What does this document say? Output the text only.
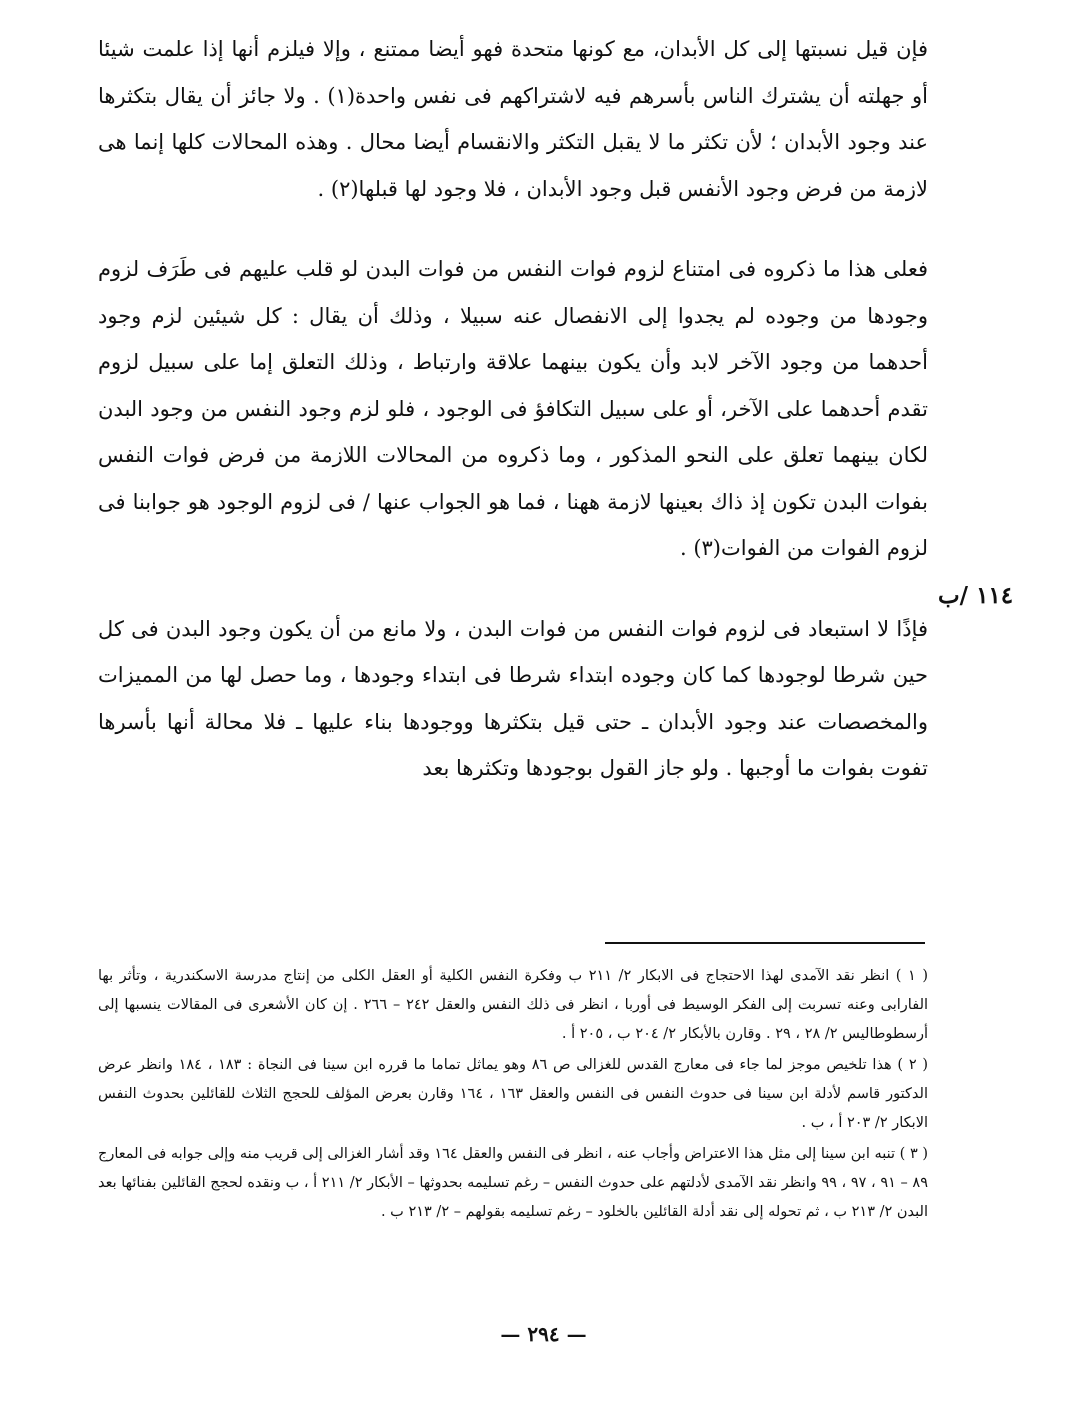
فإن قيل نسبتها إلى كل الأبدان، مع كونها متحدة فهو أيضا ممتنع ، وإلا فيلزم أنها إذا علمت شيئا أو جهلته أن يشترك الناس بأسرهم فيه لاشتراكهم فى نفس واحدة(١) . ولا جائز أن يقال بتكثرها عند وجود الأبدان ؛ لأن تكثر ما لا يقبل التكثر والانقسام أيضا محال . وهذه المحالات كلها إنما هى لازمة من فرض وجود الأنفس قبل وجود الأبدان ، فلا وجود لها قبلها(٢) .

فعلى هذا ما ذكروه فى امتناع لزوم فوات النفس من فوات البدن لو قلب عليهم فى طَرَف لزوم وجودها من وجوده لم يجدوا إلى الانفصال عنه سبيلا ، وذلك أن يقال : كل شيئين لزم وجود أحدهما من وجود الآخر لابد وأن يكون بينهما علاقة وارتباط ، وذلك التعلق إما على سبيل لزوم تقدم أحدهما على الآخر، أو على سبيل التكافؤ فى الوجود ، فلو لزم وجود النفس من وجود البدن لكان بينهما تعلق على النحو المذكور ، وما ذكروه من المحالات اللازمة من فرض فوات النفس بفوات البدن تكون إذ ذاك بعينها لازمة ههنا ، فما هو الجواب عنها / فى لزوم الوجود هو جوابنا فى لزوم الفوات من الفوات(٣) .

فإذًا لا استبعاد فى لزوم فوات النفس من فوات البدن ، ولا مانع من أن يكون وجود البدن فى كل حين شرطا لوجودها كما كان وجوده ابتداء شرطا فى ابتداء وجودها ، وما حصل لها من المميزات والمخصصات عند وجود الأبدان ـ حتى قيل بتكثرها ووجودها بناء عليها ـ فلا محالة أنها بأسرها تفوت بفوات ما أوجبها . ولو جاز القول بوجودها وتكثرها بعد

١١٤ /ب

( ١ ) انظر نقد الآمدى لهذا الاحتجاج فى الابكار ٢/ ٢١١ ب وفكرة النفس الكلية أو العقل الكلى من إنتاج مدرسة الاسكندرية ، وتأثر بها الفارابى وعنه تسربت إلى الفكر الوسيط فى أوربا ، انظر فى ذلك النفس والعقل ٢٤٢ – ٢٦٦ . إن كان الأشعرى فى المقالات ينسبها إلى أرسطوطاليس ٢/ ٢٨ ، ٢٩ . وقارن بالأبكار ٢/ ٢٠٤ ب ، ٢٠٥ أ .

( ٢ ) هذا تلخيص موجز لما جاء فى معارج القدس للغزالى ص ٨٦ وهو يماثل تماما ما قرره ابن سينا فى النجاة : ١٨٣ ، ١٨٤ وانظر عرض الدكتور قاسم لأدلة ابن سينا فى حدوث النفس فى النفس والعقل ١٦٣ ، ١٦٤ وقارن بعرض المؤلف للحجج الثلاث للقائلين بحدوث النفس الابكار ٢/ ٢٠٣ أ ، ب .

( ٣ ) تنبه ابن سينا إلى مثل هذا الاعتراض وأجاب عنه ، انظر فى النفس والعقل ١٦٤ وقد أشار الغزالى إلى قريب منه وإلى جوابه فى المعارج ٨٩ – ٩١ ، ٩٧ ، ٩٩ وانظر نقد الآمدى لأدلتهم على حدوث النفس – رغم تسليمه بحدوثها – الأبكار ٢/ ٢١١ أ ، ب ونقده لحجج القائلين بفنائها بعد البدن ٢/ ٢١٣ ب ، ثم تحوله إلى نقد أدلة القائلين بالخلود – رغم تسليمه بقولهم – ٢/ ٢١٣ ب .

— ٢٩٤ —
